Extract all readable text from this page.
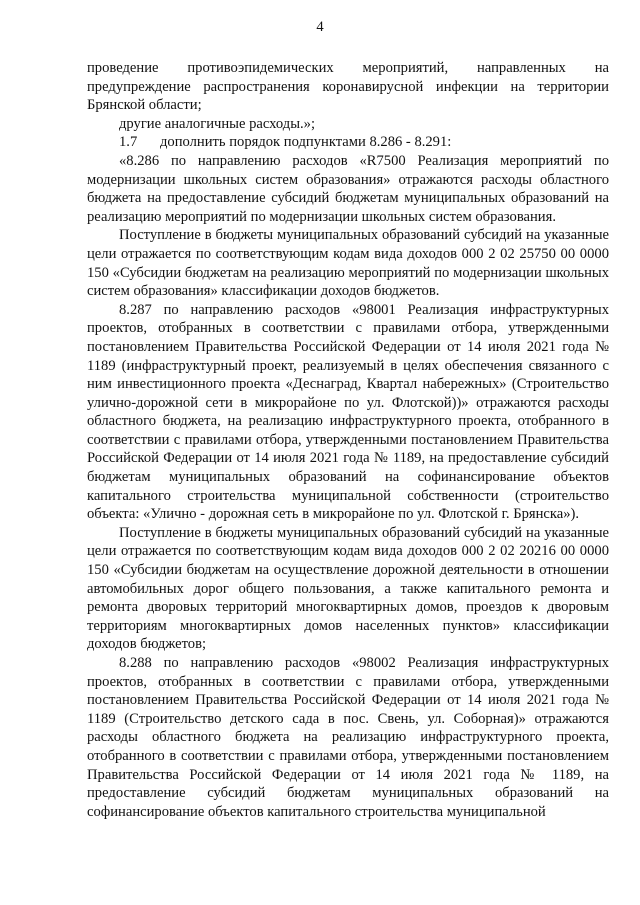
4

проведение противоэпидемических мероприятий, направленных на предупреждение распространения коронавирусной инфекции на территории Брянской области;

другие аналогичные расходы.»;

1.7 дополнить порядок подпунктами 8.286 - 8.291:

«8.286 по направлению расходов «R7500 Реализация мероприятий по модернизации школьных систем образования» отражаются расходы областного бюджета на предоставление субсидий бюджетам муниципальных образований на реализацию мероприятий по модернизации школьных систем образования.

Поступление в бюджеты муниципальных образований субсидий на указанные цели отражается по соответствующим кодам вида доходов 000 2 02 25750 00 0000 150 «Субсидии бюджетам на реализацию мероприятий по модернизации школьных систем образования» классификации доходов бюджетов.

8.287 по направлению расходов «98001 Реализация инфраструктурных проектов, отобранных в соответствии с правилами отбора, утвержденными постановлением Правительства Российской Федерации от 14 июля 2021 года № 1189 (инфраструктурный проект, реализуемый в целях обеспечения связанного с ним инвестиционного проекта «Деснаград, Квартал набережных» (Строительство улично-дорожной сети в микрорайоне по ул. Флотской))» отражаются расходы областного бюджета, на реализацию инфраструктурного проекта, отобранного в соответствии с правилами отбора, утвержденными постановлением Правительства Российской Федерации от 14 июля 2021 года № 1189, на предоставление субсидий бюджетам муниципальных образований на софинансирование объектов капитального строительства муниципальной собственности (строительство объекта: «Улично - дорожная сеть в микрорайоне по ул. Флотской г. Брянска»).

Поступление в бюджеты муниципальных образований субсидий на указанные цели отражается по соответствующим кодам вида доходов 000 2 02 20216 00 0000 150 «Субсидии бюджетам на осуществление дорожной деятельности в отношении автомобильных дорог общего пользования, а также капитального ремонта и ремонта дворовых территорий многоквартирных домов, проездов к дворовым территориям многоквартирных домов населенных пунктов» классификации доходов бюджетов;

8.288 по направлению расходов «98002 Реализация инфраструктурных проектов, отобранных в соответствии с правилами отбора, утвержденными постановлением Правительства Российской Федерации от 14 июля 2021 года № 1189 (Строительство детского сада в пос. Свень, ул. Соборная)» отражаются расходы областного бюджета на реализацию инфраструктурного проекта, отобранного в соответствии с правилами отбора, утвержденными постановлением Правительства Российской Федерации от 14 июля 2021 года № 1189, на предоставление субсидий бюджетам муниципальных образований на софинансирование объектов капитального строительства муниципальной
